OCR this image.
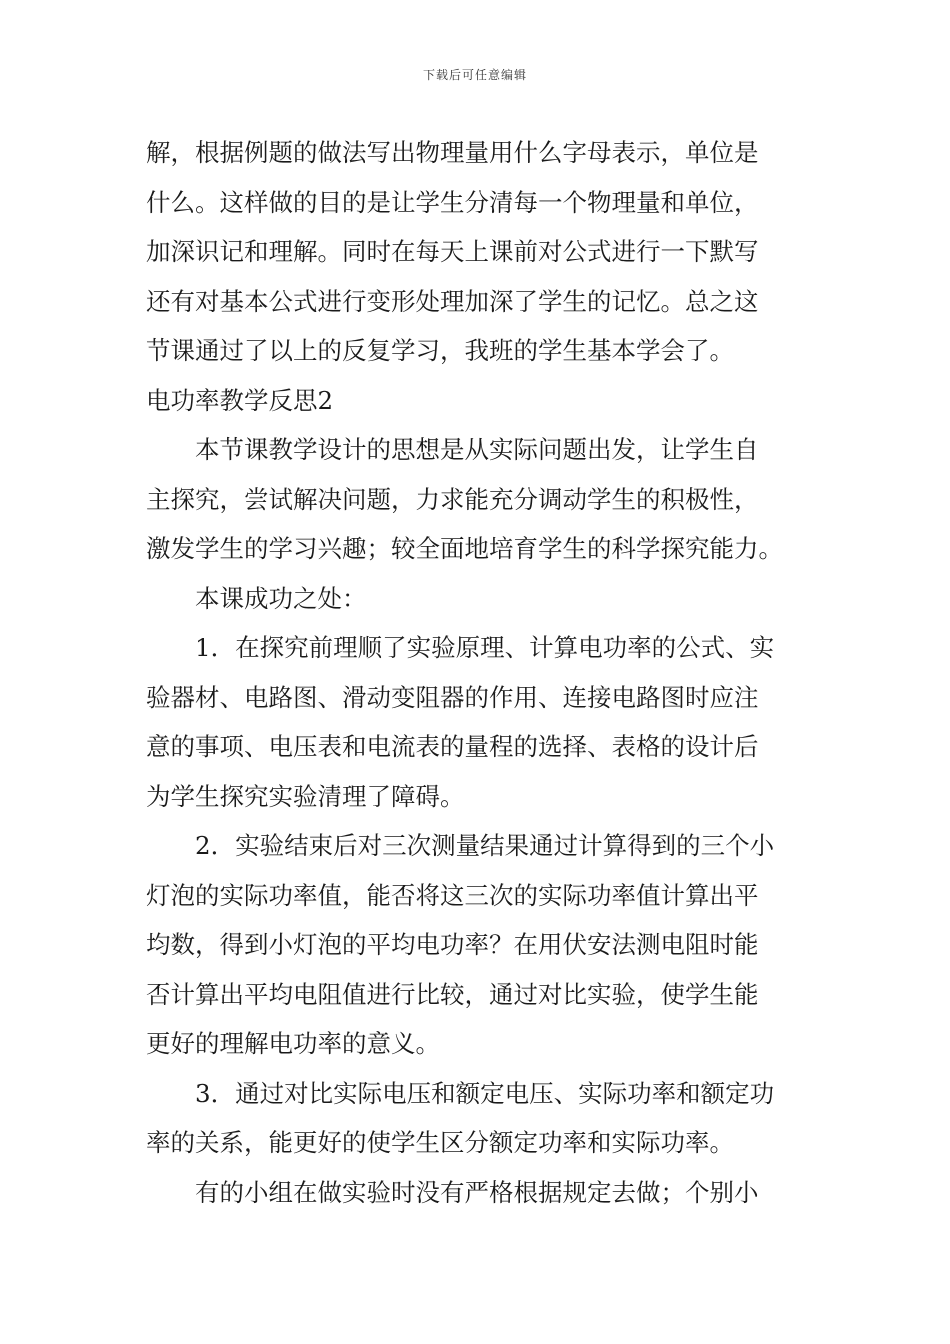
下载后可任意编辑
解，根据例题的做法写出物理量用什么字母表示，单位是
什么。这样做的目的是让学生分清每一个物理量和单位，
加深识记和理解。同时在每天上课前对公式进行一下默写
还有对基本公式进行变形处理加深了学生的记忆。总之这
节课通过了以上的反复学习，我班的学生基本学会了。
电功率教学反思2
本节课教学设计的思想是从实际问题出发，让学生自
主探究，尝试解决问题，力求能充分调动学生的积极性，
激发学生的学习兴趣；较全面地培育学生的科学探究能力。
本课成功之处：
1．在探究前理顺了实验原理、计算电功率的公式、实
验器材、电路图、滑动变阻器的作用、连接电路图时应注
意的事项、电压表和电流表的量程的选择、表格的设计后
为学生探究实验清理了障碍。
2．实验结束后对三次测量结果通过计算得到的三个小
灯泡的实际功率值，能否将这三次的实际功率值计算出平
均数，得到小灯泡的平均电功率？在用伏安法测电阻时能
否计算出平均电阻值进行比较，通过对比实验，使学生能
更好的理解电功率的意义。
3．通过对比实际电压和额定电压、实际功率和额定功
率的关系，能更好的使学生区分额定功率和实际功率。
有的小组在做实验时没有严格根据规定去做；个别小
